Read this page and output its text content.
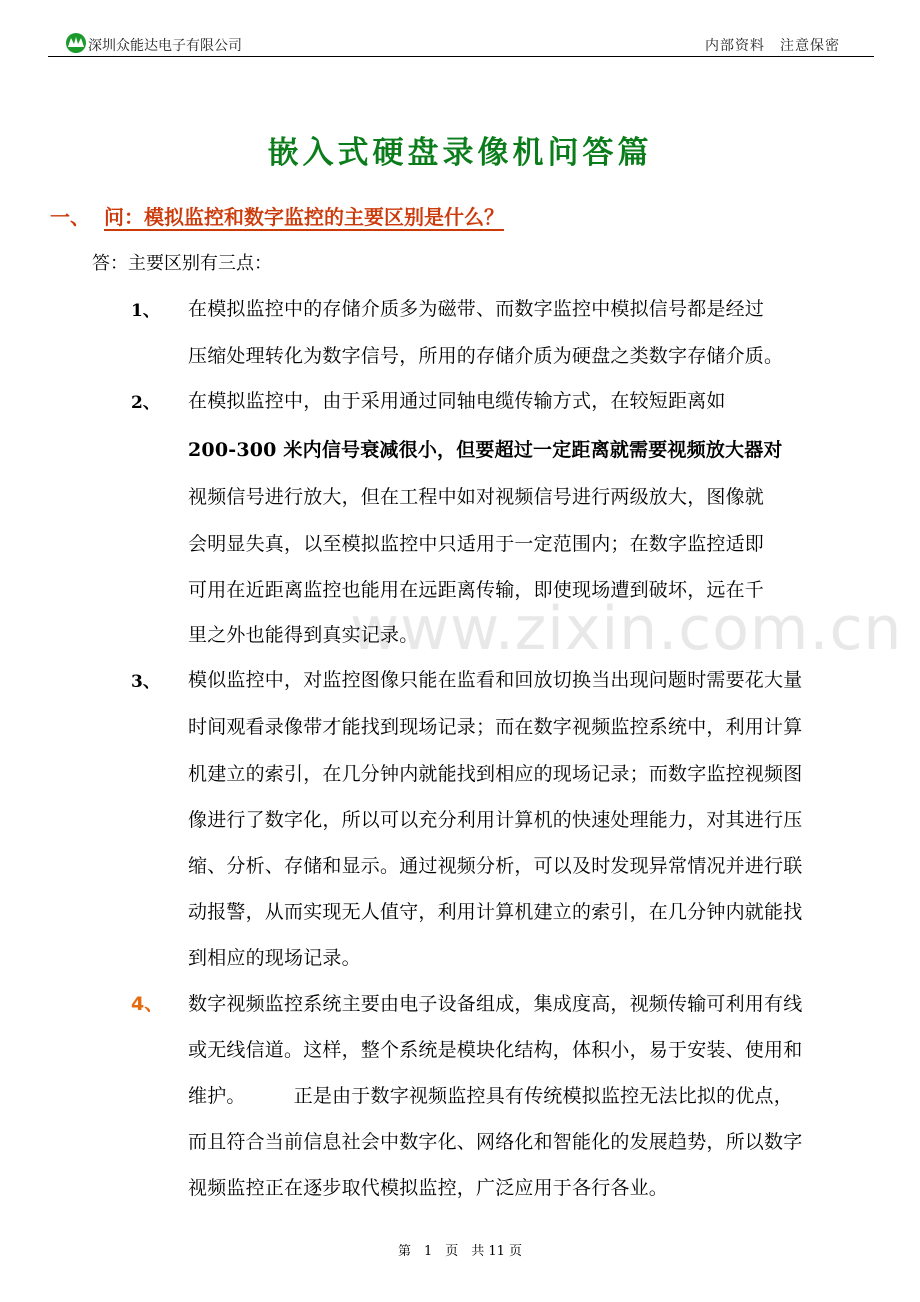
深圳众能达电子有限公司	内部资料　注意保密
www.zixin.com.cn
嵌入式硬盘录像机问答篇
一、 问：模拟监控和数字监控的主要区别是什么？
答：主要区别有三点：
1、 在模拟监控中的存储介质多为磁带、而数字监控中模拟信号都是经过
压缩处理转化为数字信号，所用的存储介质为硬盘之类数字存储介质。
2、 在模拟监控中，由于采用通过同轴电缆传输方式，在较短距离如
200-300 米内信号衰减很小，但要超过一定距离就需要视频放大器对
视频信号进行放大，但在工程中如对视频信号进行两级放大，图像就
会明显失真，以至模拟监控中只适用于一定范围内；在数字监控适即
可用在近距离监控也能用在远距离传输，即使现场遭到破坏，远在千
里之外也能得到真实记录。
3、 模似监控中，对监控图像只能在监看和回放切换当出现问题时需要花大量
时间观看录像带才能找到现场记录；而在数字视频监控系统中，利用计算
机建立的索引，在几分钟内就能找到相应的现场记录；而数字监控视频图
像进行了数字化，所以可以充分利用计算机的快速处理能力，对其进行压
缩、分析、存储和显示。通过视频分析，可以及时发现异常情况并进行联
动报警，从而实现无人值守，利用计算机建立的索引，在几分钟内就能找
到相应的现场记录。
4、 数字视频监控系统主要由电子设备组成，集成度高，视频传输可利用有线
或无线信道。这样，整个系统是模块化结构，体积小，易于安装、使用和
维护。　　　正是由于数字视频监控具有传统模拟监控无法比拟的优点，
而且符合当前信息社会中数字化、网络化和智能化的发展趋势，所以数字
视频监控正在逐步取代模拟监控，广泛应用于各行各业。
第　1　页　共 11 页
